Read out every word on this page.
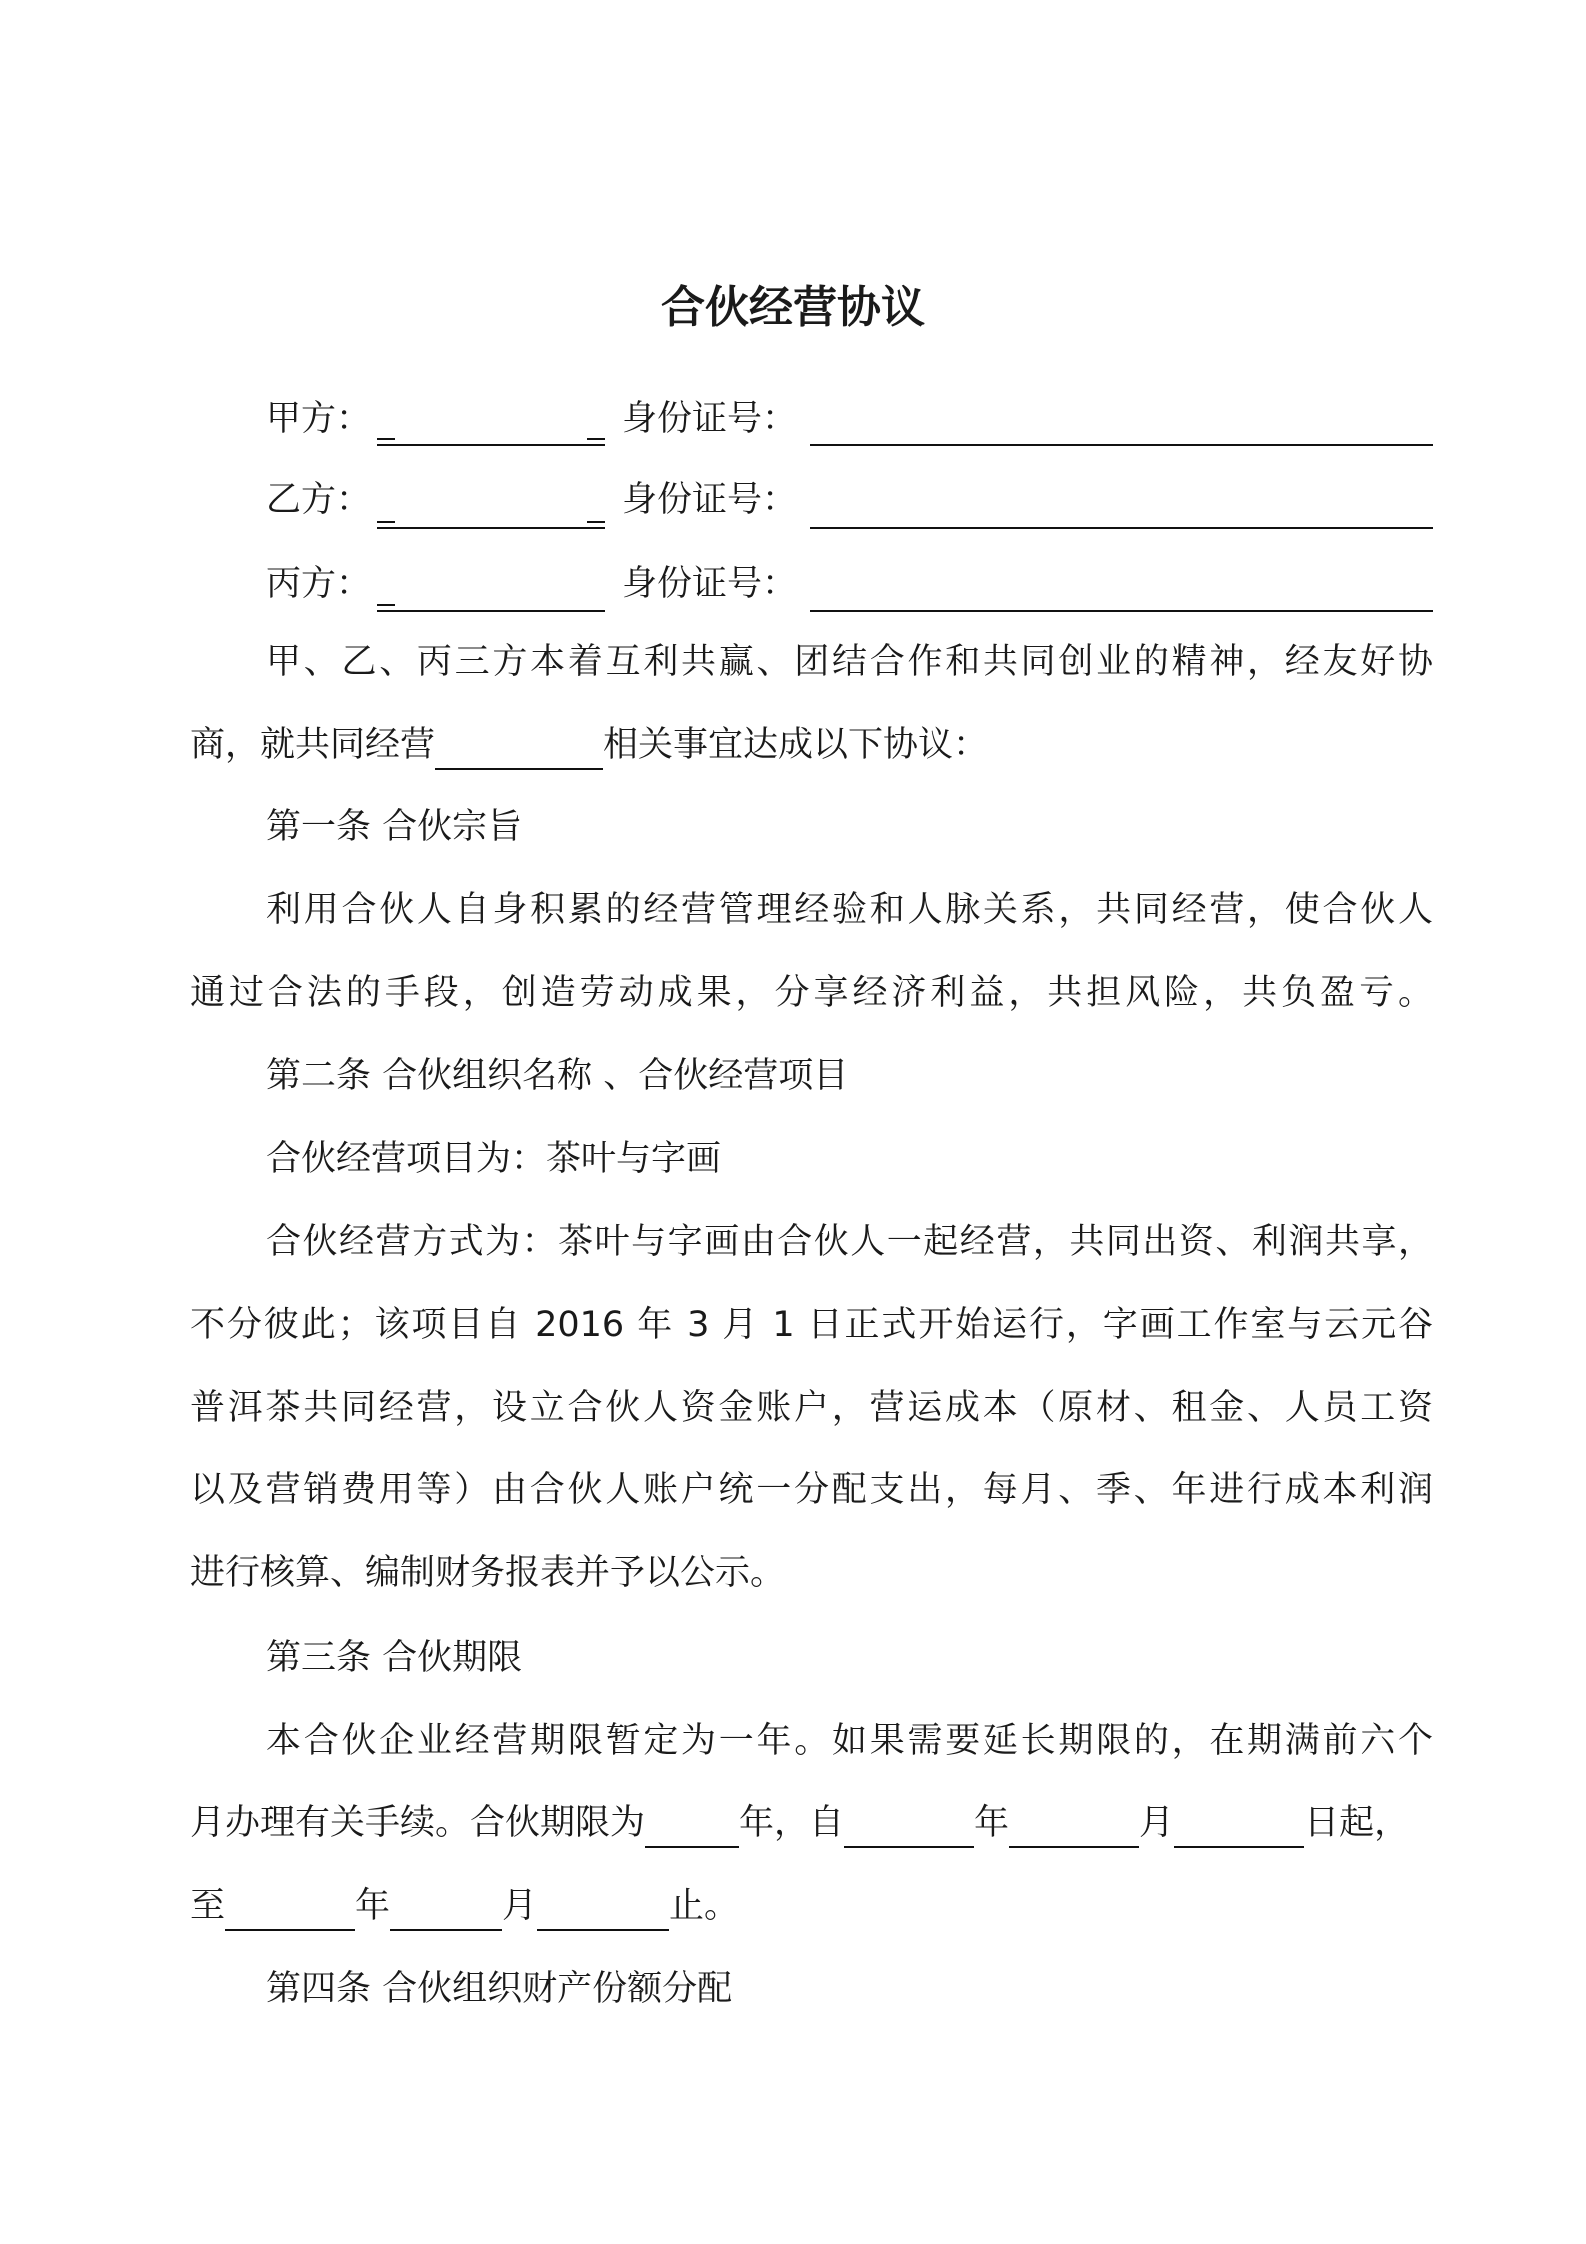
合伙经营协议
甲方：	身份证号：
乙方：	身份证号：
丙方：	身份证号：
甲、乙、丙三方本着互利共赢、团结合作和共同创业的精神，经友好协
商，就共同经营	相关事宜达成以下协议：
第一条 合伙宗旨
利用合伙人自身积累的经营管理经验和人脉关系，共同经营，使合伙人
通过合法的手段，创造劳动成果，分享经济利益，共担风险，共负盈亏。
第二条 合伙组织名称 、合伙经营项目
合伙经营项目为：茶叶与字画
合伙经营方式为：茶叶与字画由合伙人一起经营，共同出资、利润共享，
不分彼此；该项目自 2016 年 3 月 1 日正式开始运行，字画工作室与云元谷
普洱茶共同经营，设立合伙人资金账户，营运成本（原材、租金、人员工资
以及营销费用等）由合伙人账户统一分配支出，每月、季、年进行成本利润
进行核算、编制财务报表并予以公示。
第三条 合伙期限
本合伙企业经营期限暂定为一年。如果需要延长期限的，在期满前六个
月办理有关手续。合伙期限为	年，自	年	月	日起，
至	年	月	止。
第四条 合伙组织财产份额分配
